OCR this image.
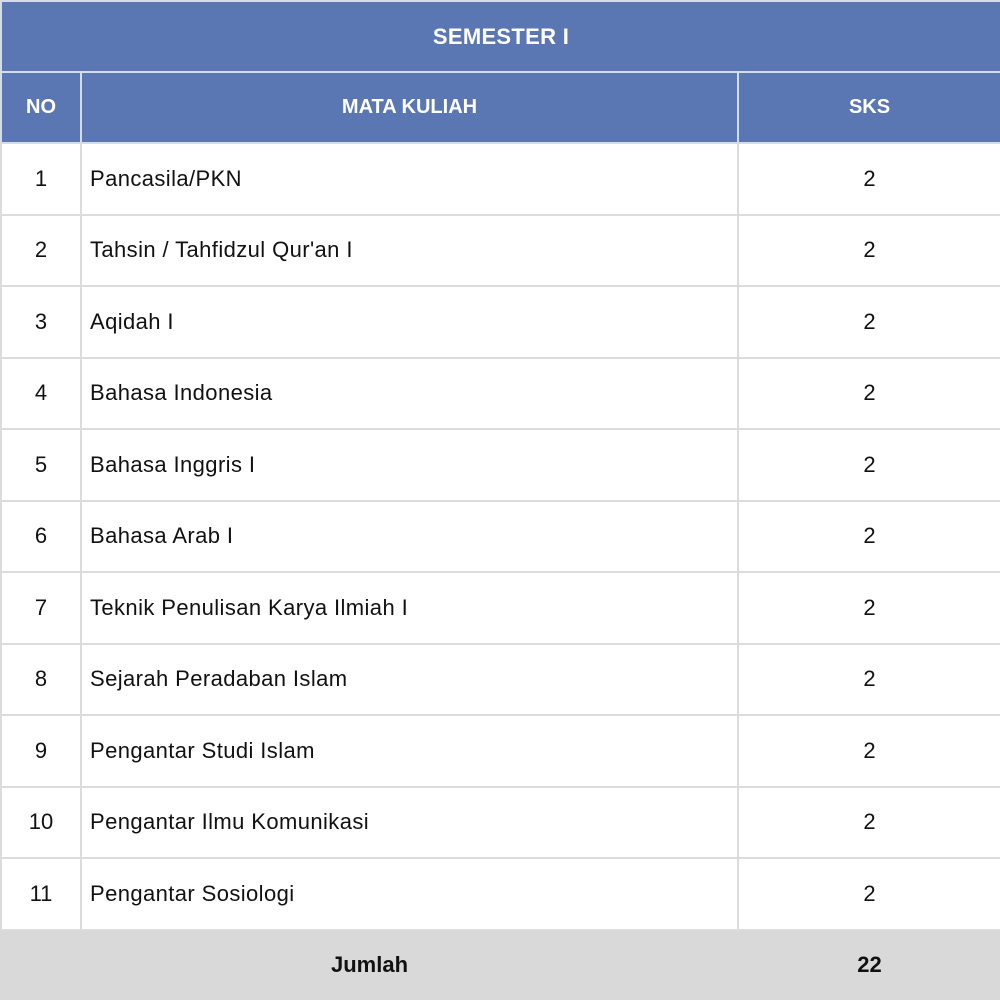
SEMESTER I		
NO	MATA KULIAH	SKS
1	Pancasila/PKN	2
2	Tahsin / Tahfidzul Qur'an I	2
3	Aqidah I	2
4	Bahasa Indonesia	2
5	Bahasa Inggris I	2
6	Bahasa Arab I	2
7	Teknik Penulisan Karya Ilmiah I	2
8	Sejarah Peradaban Islam	2
9	Pengantar Studi Islam	2
10	Pengantar Ilmu Komunikasi	2
11	Pengantar Sosiologi	2
Jumlah		22
